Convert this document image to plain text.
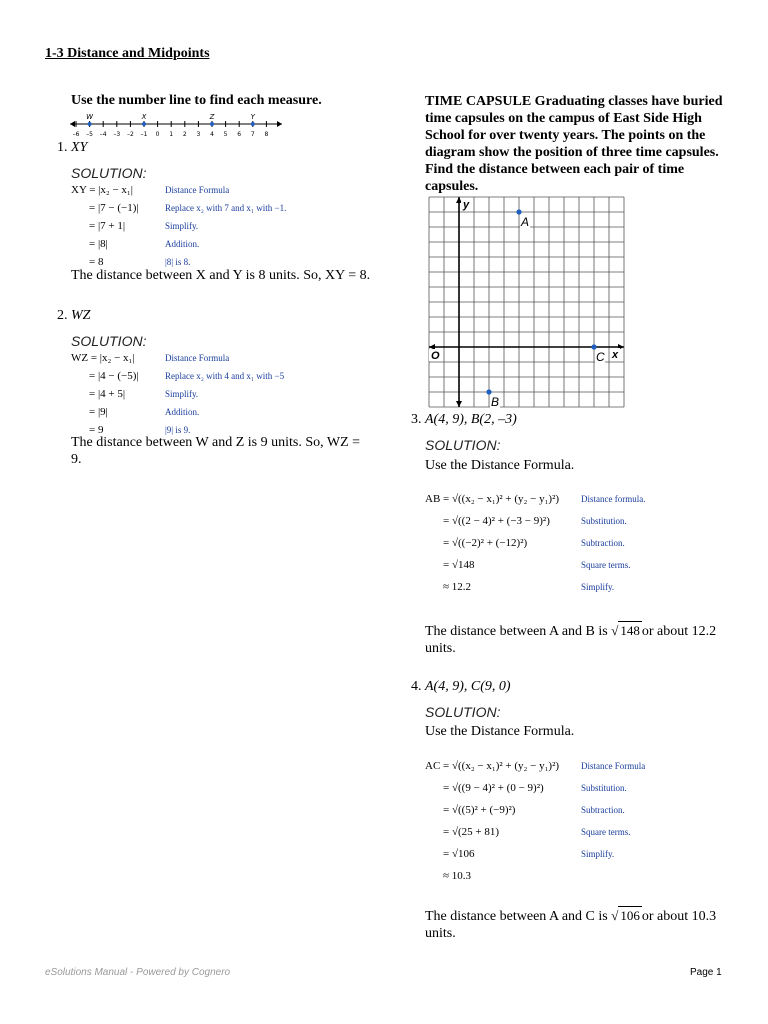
1-3 Distance and Midpoints
Use the number line to find each measure.
–6 –5 –4 –3 –2 –1 0 1 2 3 4 5 6 7 8
W	X	Z	Y
1. XY
SOLUTION:
XY = |x₂ − x₁|	Distance Formula
= |7 − (−1)|	Replace x₂ with 7 and x₁ with −1.
= |7 + 1|	Simplify.
= |8|	Addition.
= 8	|8| is 8.
The distance between X and Y is 8 units. So, XY = 8.
2. WZ
SOLUTION:
WZ = |x₂ − x₁|	Distance Formula
= |4 − (−5)|	Replace x₂ with 4 and x₁ with −5
= |4 + 5|	Simplify.
= |9|	Addition.
= 9	|9| is 9.
The distance between W and Z is 9 units. So, WZ = 9.
TIME CAPSULE Graduating classes have buried time capsules on the campus of East Side High School for over twenty years. The points on the diagram show the position of three time capsules. Find the distance between each pair of time capsules.
O	x
y
A
B
C
3. A(4, 9), B(2, –3)
SOLUTION:
Use the Distance Formula.
AB = √((x₂ − x₁)² + (y₂ − y₁)²) Distance formula.
= √((2 − 4)² + (−3 − 9)²)	Substitution.
= √((−2)² + (−12)²)	Subtraction.
= √148	Square terms.
≈ 12.2	Simplify.
The distance between A and B is √ 148 or about 12.2
units.
4. A(4, 9), C(9, 0)
SOLUTION:
Use the Distance Formula.
AC = √((x₂ − x₁)² + (y₂ − y₁)²) Distance Formula
= √((9 − 4)² + (0 − 9)²)	Substitution.
= √((5)² + (−9)²)	Subtraction.
= √(25 + 81)	Square terms.
= √106	Simplify.
≈ 10.3
The distance between A and C is √ 106 or about 10.3
units.
eSolutions Manual - Powered by Cognero	Page 1
